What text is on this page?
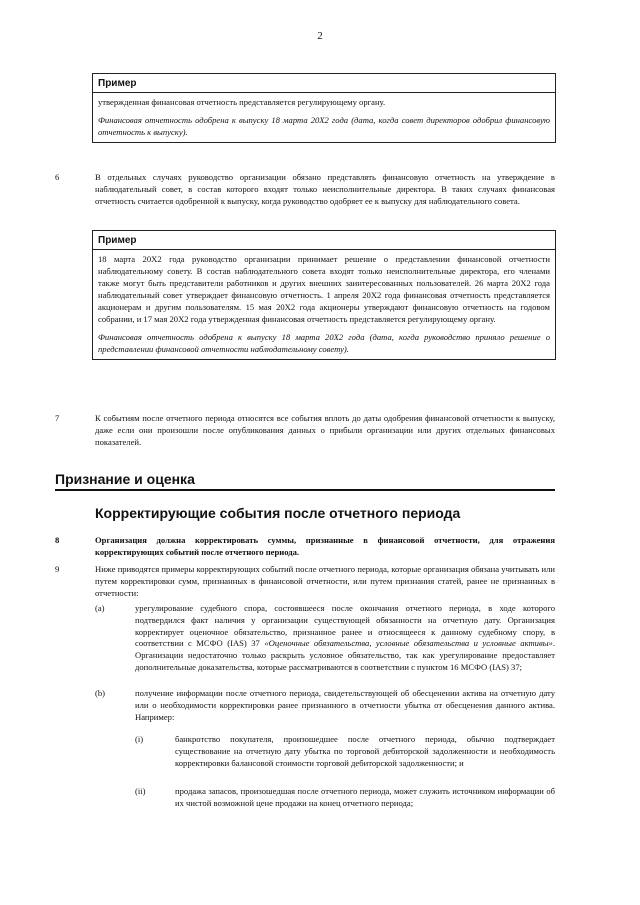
2
Пример

утвержденная финансовая отчетность представляется регулирующему органу.

Финансовая отчетность одобрена к выпуску 18 марта 20Х2 года (дата, когда совет директоров одобрил финансовую отчетность к выпуску).

6	В отдельных случаях руководство организации обязано представлять финансовую отчетность на утверждение в наблюдательный совет, в состав которого входят только неисполнительные директора. В таких случаях финансовая отчетность считается одобренной к выпуску, когда руководство одобряет ее к выпуску для наблюдательного совета.
Пример

18 марта 20Х2 года руководство организации принимает решение о представлении финансовой отчетности наблюдательному совету. В состав наблюдательного совета входят только неисполнительные директора, его членами также могут быть представители работников и других внешних заинтересованных пользователей. 26 марта 20Х2 года наблюдательный совет утверждает финансовую отчетность. 1 апреля 20Х2 года финансовая отчетность представляется акционерам и другим пользователям. 15 мая 20Х2 года акционеры утверждают финансовую отчетность на годовом собрании, и 17 мая 20Х2 года утвержденная финансовая отчетность представляется регулирующему органу.

Финансовая отчетность одобрена к выпуску 18 марта 20Х2 года (дата, когда руководство приняло решение о представлении финансовой отчетности наблюдательному совету).

7	К событиям после отчетного периода относятся все события вплоть до даты одобрения финансовой отчетности к выпуску, даже если они произошли после опубликования данных о прибыли организации или других отдельных финансовых показателей.
Признание и оценка
Корректирующие события после отчетного периода
8	Организация должна корректировать суммы, признанные в финансовой отчетности, для отражения корректирующих событий после отчетного периода.
9	Ниже приводятся примеры корректирующих событий после отчетного периода, которые организация обязана учитывать или путем корректировки сумм, признанных в финансовой отчетности, или путем признания статей, ранее не признанных в отчетности:
(a)	урегулирование судебного спора, состоявшееся после окончания отчетного периода, в ходе которого подтвердился факт наличия у организации существующей обязанности на отчетную дату. Организация корректирует оценочное обязательство, признанное ранее и относящееся к данному судебному спору, в соответствии с МСФО (IAS) 37 «Оценочные обязательства, условные обязательства и условные активы». Организации недостаточно только раскрыть условное обязательство, так как урегулирование предоставляет дополнительные доказательства, которые рассматриваются в соответствии с пунктом 16 МСФО (IAS) 37;
(b)	получение информации после отчетного периода, свидетельствующей об обесценении актива на отчетную дату или о необходимости корректировки ранее признанного в отчетности убытка от обесценения данного актива. Например:
(i)	банкротство покупателя, произошедшее после отчетного периода, обычно подтверждает существование на отчетную дату убытка по торговой дебиторской задолженности и необходимость корректировки балансовой стоимости торговой дебиторской задолженности; и
(ii)	продажа запасов, произошедшая после отчетного периода, может служить источником информации об их чистой возможной цене продажи на конец отчетного периода;
